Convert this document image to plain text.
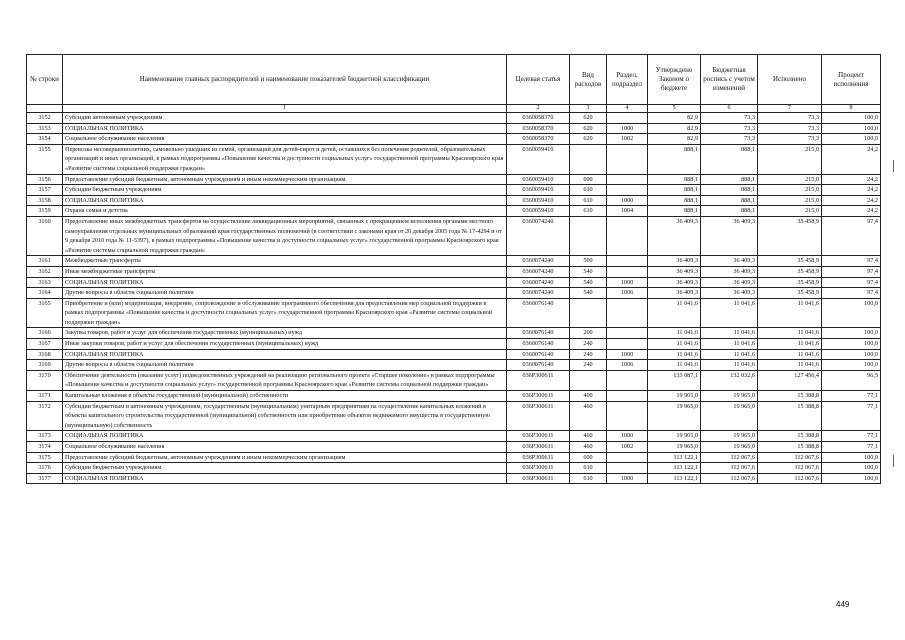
№ строки	Наименование главных распорядителей и наименование показателей бюджетной классификации	Целевая статья	Вид расходов	Раздел, подраздел	Утверждено Законом о бюджете	Бюджетная роспись с учетом изменений	Исполнено	Процент исполнения
	1	2	3	4	5	6	7	8
3152	Субсидии автономным учреждениям	0360058370	620		82,9	73,3	73,3	100,0
3153	СОЦИАЛЬНАЯ ПОЛИТИКА	0360058370	620	1000	82,9	73,3	73,3	100,0
3154	Социальное обслуживание населения	0360058370	620	1002	82,9	73,3	73,3	100,0
3155	Перевозка несовершеннолетних, самовольно ушедших из семей, организаций для детей-сирот и детей, оставшихся без попечения родителей, образовательных организаций и иных организаций, в рамках подпрограммы «Повышение качества и доступности социальных услуг» государственной программы Красноярского края «Развитие системы социальной поддержки граждан»	0360059410			888,1	888,1	215,0	24,2
3156	Предоставление субсидий бюджетным, автономным учреждениям и иным некоммерческим организациям	0360059410	600		888,1	888,1	215,0	24,2
3157	Субсидии бюджетным учреждениям	0360059410	610		888,1	888,1	215,0	24,2
3158	СОЦИАЛЬНАЯ ПОЛИТИКА	0360059410	610	1000	888,1	888,1	215,0	24,2
3159	Охрана семьи и детства	0360059410	610	1004	888,1	888,1	215,0	24,2
3160	Предоставление иных межбюджетных трансфертов на осуществление ликвидационных мероприятий, связанных с прекращением исполнения органами местного самоуправления отдельных муниципальных образований края государственных полномочий (в соответствии с законами края от 20 декабря 2005 года № 17-4294 и от 9 декабря 2010 года № 11-5397), в рамках подпрограммы «Повышение качества и доступности социальных услуг» государственной программы Красноярского края «Развитие системы социальной поддержки граждан»	0360074240			36 409,3	36 409,3	35 458,9	97,4
3161	Межбюджетные трансферты	0360074240	500		36 409,3	36 409,3	35 458,9	97,4
3162	Иные межбюджетные трансферты	0360074240	540		36 409,3	36 409,3	35 458,9	97,4
3163	СОЦИАЛЬНАЯ ПОЛИТИКА	0360074240	540	1000	36 409,3	36 409,3	35 458,9	97,4
3164	Другие вопросы в области социальной политики	0360074240	540	1006	36 409,3	36 409,3	35 458,9	97,4
3165	Приобретение и (или) модернизация, внедрение, сопровождение и обслуживание программного обеспечения для предоставления мер социальной поддержки в рамках подпрограммы «Повышение качества и доступности социальных услуг» государственной программы Красноярского края «Развитие системы социальной поддержки граждан»	0360076140			11 041,6	11 041,6	11 041,6	100,0
3166	Закупка товаров, работ и услуг для обеспечения государственных (муниципальных) нужд	0360076140	200		11 041,6	11 041,6	11 041,6	100,0
3167	Иные закупки товаров, работ и услуг для обеспечения государственных (муниципальных) нужд	0360076140	240		11 041,6	11 041,6	11 041,6	100,0
3168	СОЦИАЛЬНАЯ ПОЛИТИКА	0360076140	240	1000	11 041,6	11 041,6	11 041,6	100,0
3169	Другие вопросы в области социальной политики	0360076140	240	1006	11 041,6	11 041,6	11 041,6	100,0
3170	Обеспечение деятельности (оказание услуг) подведомственных учреждений на реализацию регионального проекта «Старшее поколение» в рамках подпрограммы «Повышение качества и доступности социальных услуг» государственной программы Красноярского края «Развитие системы социальной поддержки граждан»	036P300611			133 087,1	132 032,6	127 456,4	96,5
3171	Капитальные вложения в объекты государственной (муниципальной) собственности	036P300611	400		19 965,0	19 965,0	15 388,8	77,1
3172	Субсидии бюджетным и автономным учреждениям, государственным (муниципальным) унитарным предприятиям на осуществление капитальных вложений в объекты капитального строительства государственной (муниципальной) собственности или приобретение объектов недвижимого имущества в государственную (муниципальную) собственность	036P300611	460		19 965,0	19 965,0	15 388,8	77,1
3173	СОЦИАЛЬНАЯ ПОЛИТИКА	036P300611	460	1000	19 965,0	19 965,0	15 388,8	77,1
3174	Социальное обслуживание населения	036P300611	460	1002	19 965,0	19 965,0	15 388,8	77,1
3175	Предоставление субсидий бюджетным, автономным учреждениям и иным некоммерческим организациям	036P300611	600		113 122,1	112 067,6	112 067,6	100,0
3176	Субсидии бюджетным учреждениям	036P300611	610		113 122,1	112 067,6	112 067,6	100,0
3177	СОЦИАЛЬНАЯ ПОЛИТИКА	036P300611	610	1000	113 122,1	112 067,6	112 067,6	100,0
449
